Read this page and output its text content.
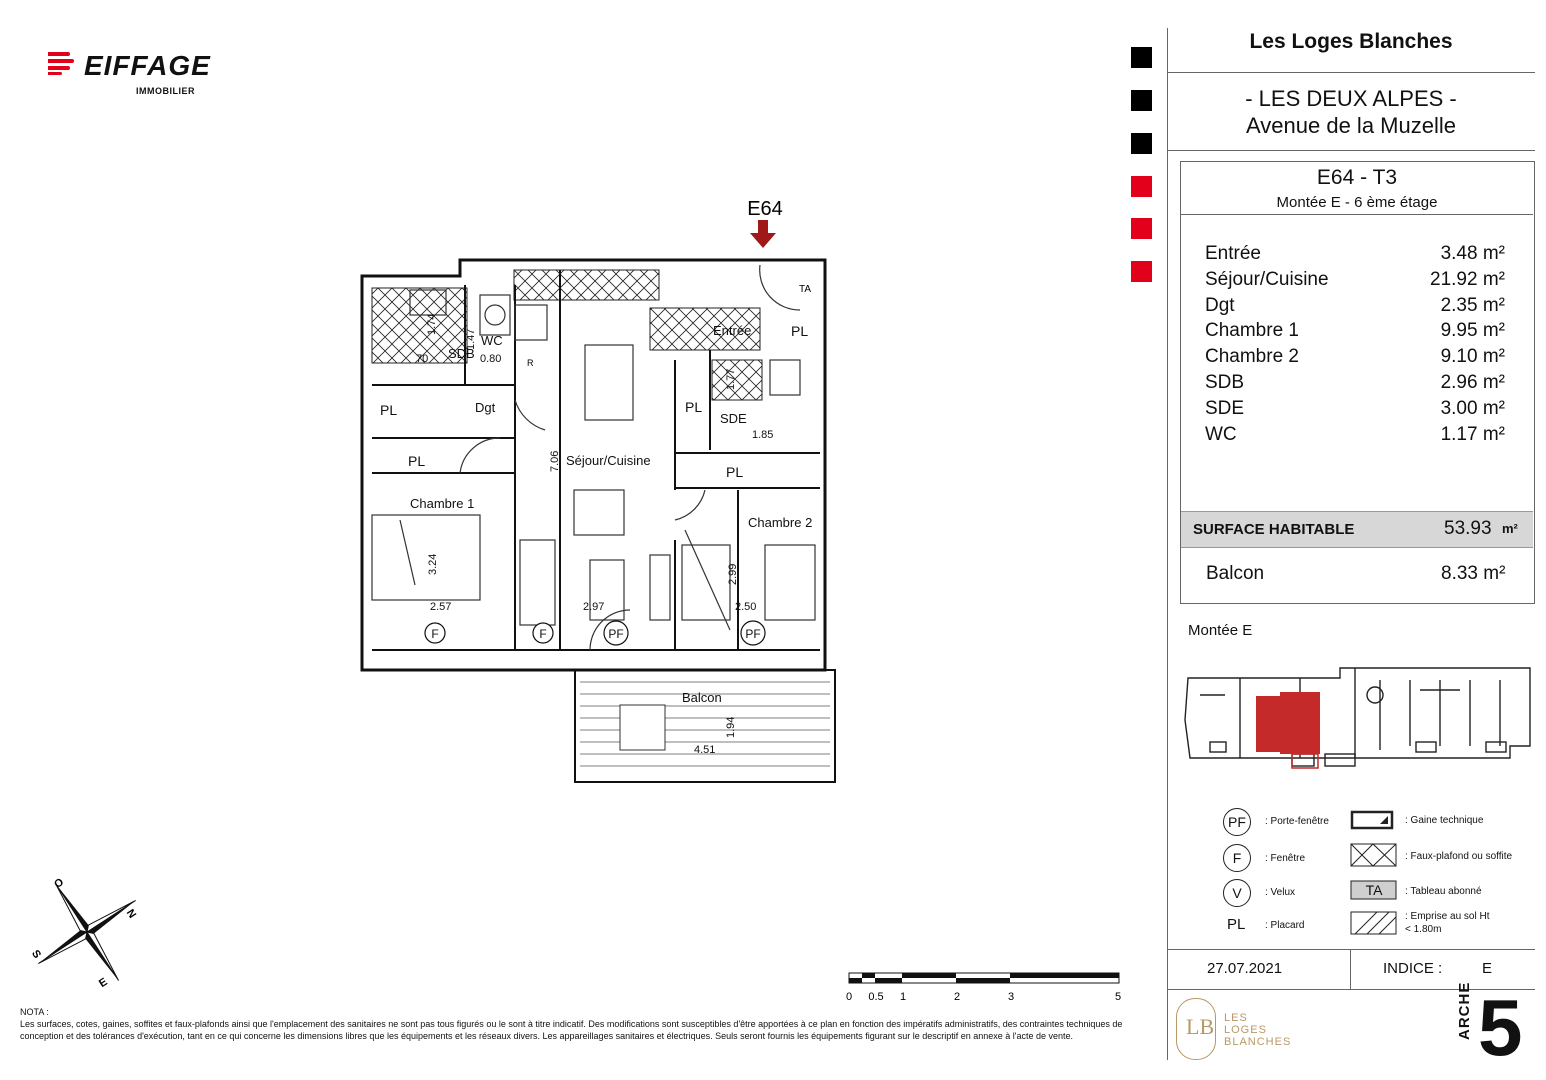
EIFFAGE
IMMOBILIER
Les Loges Blanches
- LES DEUX ALPES -
Avenue de la Muzelle
E64 - T3
Montée E - 6 ème étage
Entrée	3.48 m²
Séjour/Cuisine	21.92 m²
Dgt	2.35 m²
Chambre 1	9.95 m²
Chambre 2	9.10 m²
SDB	2.96 m²
SDE	3.00 m²
WC	1.17 m²
SURFACE HABITABLE	53.93 m²
Balcon	8.33 m²
Montée E
PF	: Porte-fenêtre
F	: Fenêtre
V	: Velux
PL : Placard
TA
: Gaine technique
: Faux-plafond ou soffite
: Tableau abonné
: Emprise au sol Ht
< 1.80m
27.07.2021	INDICE :	E
LB LES
LOGES
BLANCHES
ARCHE 5
NOTA :
Les surfaces, cotes, gaines, soffites et faux-plafonds ainsi que l'emplacement des sanitaires ne sont pas tous figurés ou le sont à titre indicatif. Des modifications sont susceptibles d'être apportées à ce plan en fonction des impératifs administratifs, des contraintes techniques de conception et des tolérances d'exécution, tant en ce qui concerne les dimensions libres que les équipements et les réseaux divers. Les appareillages sanitaires et électriques. Seuls seront fournis les équipements figurant sur le descriptif en annexe à l'acte de vente.
0 0.5 1	2	3	5
O
N
S
E
E64
SDB
WC
Dgt
Entrée
SDE
Séjour/Cuisine
Chambre 1
Chambre 2
Balcon
PL
PL
PL
PL
PL
TA
R
1.74
70
1.47
0.80
1.77
1.85
7.06
3.24
2.57	2.97
2.99
2.50
1.94
4.51
F	F	PF	PF
